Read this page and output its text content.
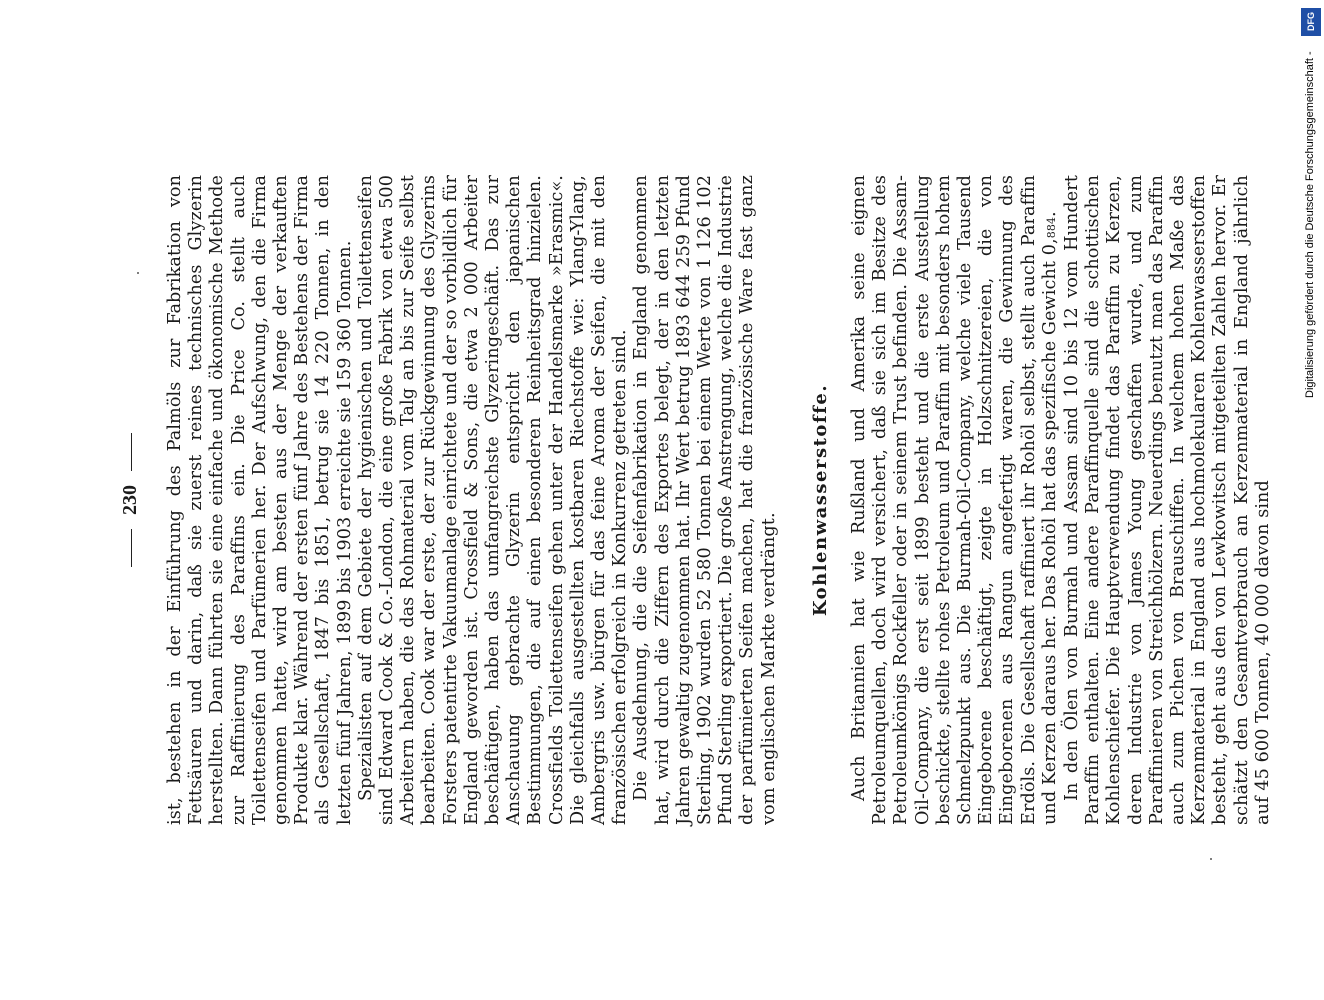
230	ist, bestehen in der Einführung des Palmöls zur Fabrikation von Fettsäuren und darin, daß sie zuerst reines technisches Glyzerin herstellten. Dann führten sie eine einfache und ökonomische Methode zur Raffinierung des Paraffins ein. Die Price Co. stellt auch Toilettenseifen und Parfümerien her. Der Aufschwung, den die Firma genommen hatte, wird am besten aus der Menge der verkauften Produkte klar. Während der ersten fünf Jahre des Bestehens der Firma als Gesellschaft, 1847 bis 1851, betrug sie 14 220 Tonnen, in den letzten fünf Jahren, 1899 bis 1903 erreichte sie 159 360 Tonnen. Spezialisten auf dem Gebiete der hygienischen und Toilettenseifen sind Edward Cook & Co.-London, die eine große Fabrik von etwa 500 Arbeitern haben, die das Rohmaterial vom Talg an bis zur Seife selbst bearbeiten. Cook war der erste, der zur Rückgewinnung des Glyzerins Forsters patentirte Vakuumanlage einrichtete und der so vorbildlich für England geworden ist. Crossfield & Sons, die etwa 2 000 Arbeiter beschäftigen, haben das umfangreichste Glyzeringeschäft. Das zur Anschauung gebrachte Glyzerin entspricht den japanischen Bestimmungen, die auf einen besonderen Reinheitsgrad hinzielen. Crossfields Toilettenseifen gehen unter der Handelsmarke »Erasmic«. Die gleichfalls ausgestellten kostbaren Riechstoffe wie: Ylang-Ylang, Ambergris usw. bürgen für das feine Aroma der Seifen, die mit den französischen erfolgreich in Konkurrenz getreten sind. Die Ausdehnung, die die Seifenfabrikation in England genommen hat, wird durch die Ziffern des Exportes belegt, der in den letzten Jahren gewaltig zugenommen hat. Ihr Wert betrug 1893 644 259 Pfund Sterling, 1902 wurden 52 580 Tonnen bei einem Werte von 1 126 102 Pfund Sterling exportiert. Die große Anstrengung, welche die Industrie der parfümierten Seifen machen, hat die französische Ware fast ganz vom englischen Markte verdrängt.

Kohlenwasserstoffe. Auch Britannien hat wie Rußland und Amerika seine eignen Petroleumquellen, doch wird versichert, daß sie sich im Besitze des Petroleumkönigs Rockfeller oder in seinem Trust befinden. Die Assam-Oil-Company, die erst seit 1899 besteht und die erste Ausstellung beschickte, stellte rohes Petroleum und Paraffin mit besonders hohem Schmelzpunkt aus. Die Burmah-Oil-Company, welche viele Tausend Eingeborene beschäftigt, zeigte in Holzschnitzereien, die von Eingeborenen aus Rangun angefertigt waren, die Gewinnung des Erdöls. Die Gesellschaft raffiniert ihr Rohöl selbst, stellt auch Paraffin und Kerzen daraus her. Das Rohöl hat das spezifische Gewicht 0,884. In den Ölen von Burmah und Assam sind 10 bis 12 vom Hundert Paraffin enthalten. Eine andere Paraffinquelle sind die schottischen Kohlenschiefer. Die Hauptverwendung findet das Paraffin zu Kerzen, deren Industrie von James Young geschaffen wurde, und zum Paraffinieren von Streichhölzern. Neuerdings benutzt man das Paraffin auch zum Pichen von Brauschiffen. In welchem hohen Maße das Kerzenmaterial in England aus hochmolekularen Kohlenwasserstoffen besteht, geht aus den von Lewkowitsch mitgeteilten Zahlen hervor. Er schätzt den Gesamtverbrauch an Kerzenmaterial in England jährlich auf 45 600 Tonnen, 40 000 davon sind

DFG
Digitalisierung gefördert durch die Deutsche Forschungsgemeinschaft -
